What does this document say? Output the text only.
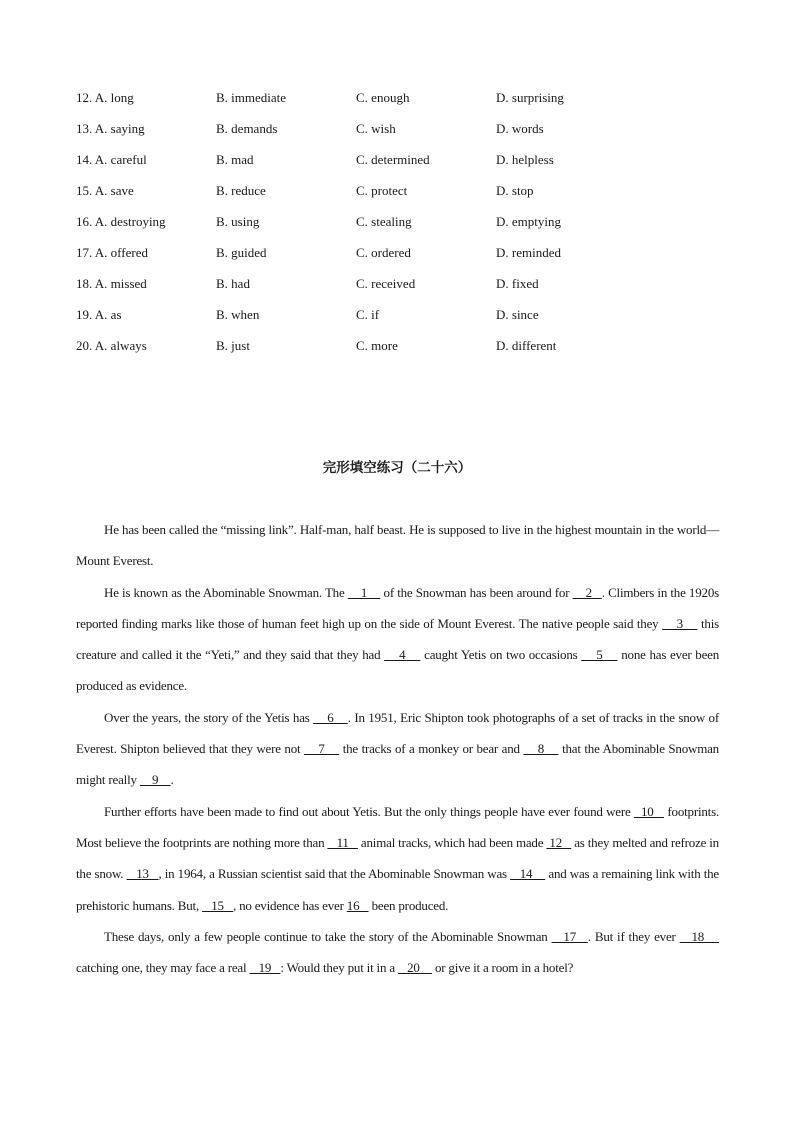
12. A. long	B. immediate	C. enough	D. surprising
13. A. saying	B. demands	C. wish	D. words
14. A. careful	B. mad	C. determined	D. helpless
15. A. save	B. reduce	C. protect	D. stop
16. A. destroying	B. using	C. stealing	D. emptying
17. A. offered	B. guided	C. ordered	D. reminded
18. A. missed	B. had	C. received	D. fixed
19. A. as	B. when	C. if	D. since
20. A. always	B. just	C. more	D. different
完形填空练习（二十六）

He has been called the “missing link”. Half-man, half beast. He is supposed to live in the highest mountain in the world—Mount Everest.

He is known as the Abominable Snowman. The     1     of the Snowman has been around for     2   . Climbers in the 1920s reported finding marks like those of human feet high up on the side of Mount Everest. The native people said they     3     this creature and called it the “Yeti,” and they said that they had     4     caught Yetis on two occasions     5     none has ever been produced as evidence.

Over the years, the story of the Yetis has     6    . In 1951, Eric Shipton took photographs of a set of tracks in the snow of Everest. Shipton believed that they were not     7     the tracks of a monkey or bear and     8     that the Abominable Snowman might really     9    .

Further efforts have been made to find out about Yetis. But the only things people have ever found were   10    footprints. Most believe the footprints are nothing more than    11    animal tracks, which had been made  12    as they melted and refroze in the snow.    13   , in 1964, a Russian scientist said that the Abominable Snowman was    14     and was a remaining link with the prehistoric humans. But,    15   , no evidence has ever 16    been produced.

These days, only a few people continue to take the story of the Abominable Snowman    17   . But if they ever    18     catching one, they may face a real    19   : Would they put it in a    20     or give it a room in a hotel?
